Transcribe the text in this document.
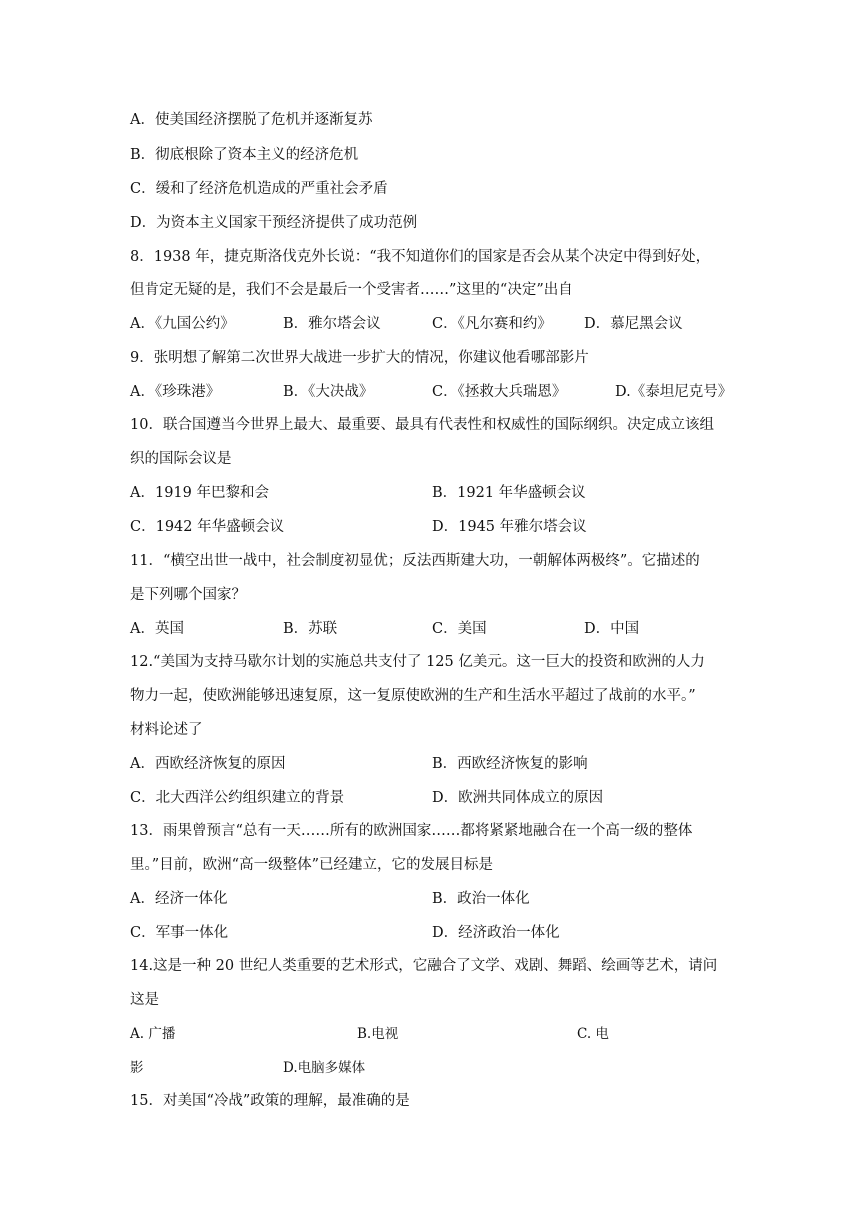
A．使美国经济摆脱了危机并逐渐复苏
B．彻底根除了资本主义的经济危机
C．缓和了经济危机造成的严重社会矛盾
D．为资本主义国家干预经济提供了成功范例
8．1938 年，捷克斯洛伐克外长说：“我不知道你们的国家是否会从某个决定中得到好处，
但肯定无疑的是，我们不会是最后一个受害者……”这里的“决定”出自
A．《九国公约》	B．雅尔塔会议	C．《凡尔赛和约》 D．慕尼黑会议
9．张明想了解第二次世界大战进一步扩大的情况，你建议他看哪部影片
A．《珍珠港》	B．《大决战》	C．《拯救大兵瑞恩》	D.《泰坦尼克号》
10．联合国遵当今世界上最大、最重要、最具有代表性和权威性的国际纲织。决定成立该组
织的国际会议是
A．1919 年巴黎和会	B．1921 年华盛顿会议
C．1942 年华盛顿会议	D．1945 年雅尔塔会议
11．“横空出世一战中，社会制度初显优；反法西斯建大功，一朝解体两极终”。它描述的
是下列哪个国家？
A．英国	B．苏联	C．美国	D．中国
12.“美国为支持马歇尔计划的实施总共支付了 125 亿美元。这一巨大的投资和欧洲的人力
物力一起，使欧洲能够迅速复原，这一复原使欧洲的生产和生活水平超过了战前的水平。”
材料论述了
A．西欧经济恢复的原因	B．西欧经济恢复的影响
C．北大西洋公约组织建立的背景	D．欧洲共同体成立的原因
13．雨果曾预言“总有一天……所有的欧洲国家……都将紧紧地融合在一个高一级的整体
里。”目前，欧洲“高一级整体”已经建立，它的发展目标是
A．经济一体化	B．政治一体化
C．军事一体化	D．经济政治一体化
14.这是一种 20 世纪人类重要的艺术形式，它融合了文学、戏剧、舞蹈、绘画等艺术，请问
这是
A. 广播	B.电视	C. 电
影	D.电脑多媒体
15．对美国“冷战”政策的理解，最准确的是
